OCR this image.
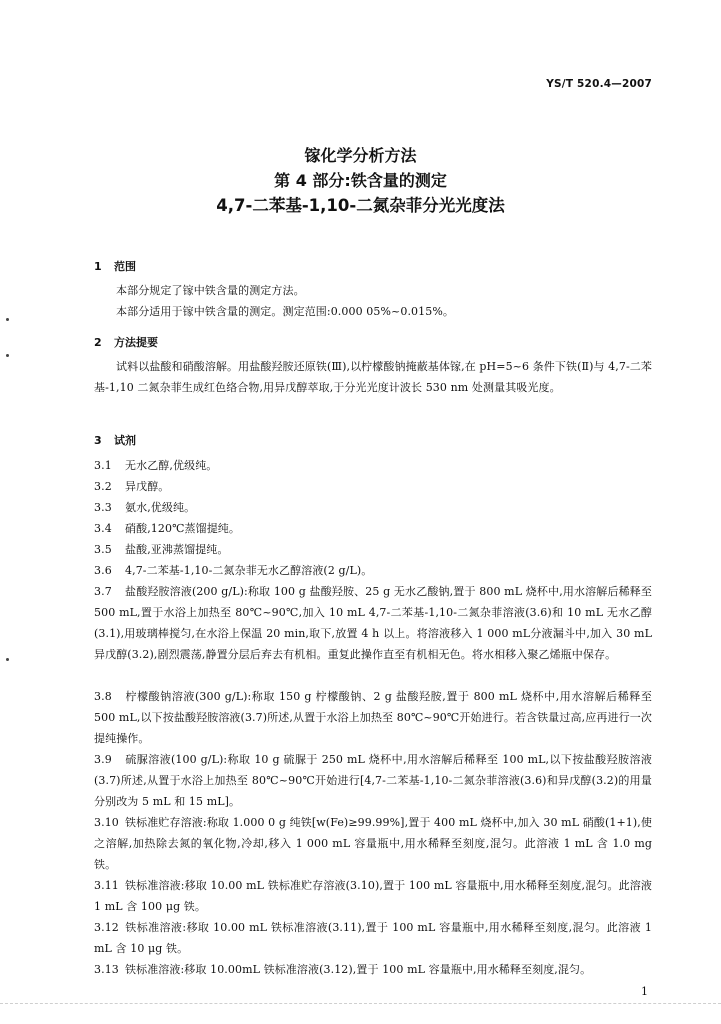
YS/T 520.4—2007
镓化学分析方法
第 4 部分:铁含量的测定
4,7-二苯基-1,10-二氮杂菲分光光度法
1 范围
本部分规定了镓中铁含量的测定方法。
本部分适用于镓中铁含量的测定。测定范围:0.000 05%~0.015%。
2 方法提要
试料以盐酸和硝酸溶解。用盐酸羟胺还原铁(Ⅲ),以柠檬酸钠掩蔽基体镓,在 pH=5~6 条件下铁(Ⅱ)与 4,7-二苯基-1,10 二氮杂菲生成红色络合物,用异戊醇萃取,于分光光度计波长 530 nm 处测量其吸光度。
3 试剂
3.1 无水乙醇,优级纯。
3.2 异戊醇。
3.3 氨水,优级纯。
3.4 硝酸,120℃蒸馏提纯。
3.5 盐酸,亚沸蒸馏提纯。
3.6 4,7-二苯基-1,10-二氮杂菲无水乙醇溶液(2 g/L)。
3.7 盐酸羟胺溶液(200 g/L):称取 100 g 盐酸羟胺、25 g 无水乙酸钠,置于 800 mL 烧杯中,用水溶解后稀释至 500 mL,置于水浴上加热至 80℃~90℃,加入 10 mL 4,7-二苯基-1,10-二氮杂菲溶液(3.6)和 10 mL 无水乙醇(3.1),用玻璃棒搅匀,在水浴上保温 20 min,取下,放置 4 h 以上。将溶液移入 1 000 mL分液漏斗中,加入 30 mL 异戊醇(3.2),剧烈震荡,静置分层后弃去有机相。重复此操作直至有机相无色。将水相移入聚乙烯瓶中保存。
3.8 柠檬酸钠溶液(300 g/L):称取 150 g 柠檬酸钠、2 g 盐酸羟胺,置于 800 mL 烧杯中,用水溶解后稀释至 500 mL,以下按盐酸羟胺溶液(3.7)所述,从置于水浴上加热至 80℃~90℃开始进行。若含铁量过高,应再进行一次提纯操作。
3.9 硫脲溶液(100 g/L):称取 10 g 硫脲于 250 mL 烧杯中,用水溶解后稀释至 100 mL,以下按盐酸羟胺溶液(3.7)所述,从置于水浴上加热至 80℃~90℃开始进行[4,7-二苯基-1,10-二氮杂菲溶液(3.6)和异戊醇(3.2)的用量分别改为 5 mL 和 15 mL]。
3.10 铁标准贮存溶液:称取 1.000 0 g 纯铁[w(Fe)≥99.99%],置于 400 mL 烧杯中,加入 30 mL 硝酸(1+1),使之溶解,加热除去氮的氧化物,冷却,移入 1 000 mL 容量瓶中,用水稀释至刻度,混匀。此溶液 1 mL 含 1.0 mg 铁。
3.11 铁标准溶液:移取 10.00 mL 铁标准贮存溶液(3.10),置于 100 mL 容量瓶中,用水稀释至刻度,混匀。此溶液 1 mL 含 100 μg 铁。
3.12 铁标准溶液:移取 10.00 mL 铁标准溶液(3.11),置于 100 mL 容量瓶中,用水稀释至刻度,混匀。此溶液 1 mL 含 10 μg 铁。
3.13 铁标准溶液:移取 10.00mL 铁标准溶液(3.12),置于 100 mL 容量瓶中,用水稀释至刻度,混匀。
1
